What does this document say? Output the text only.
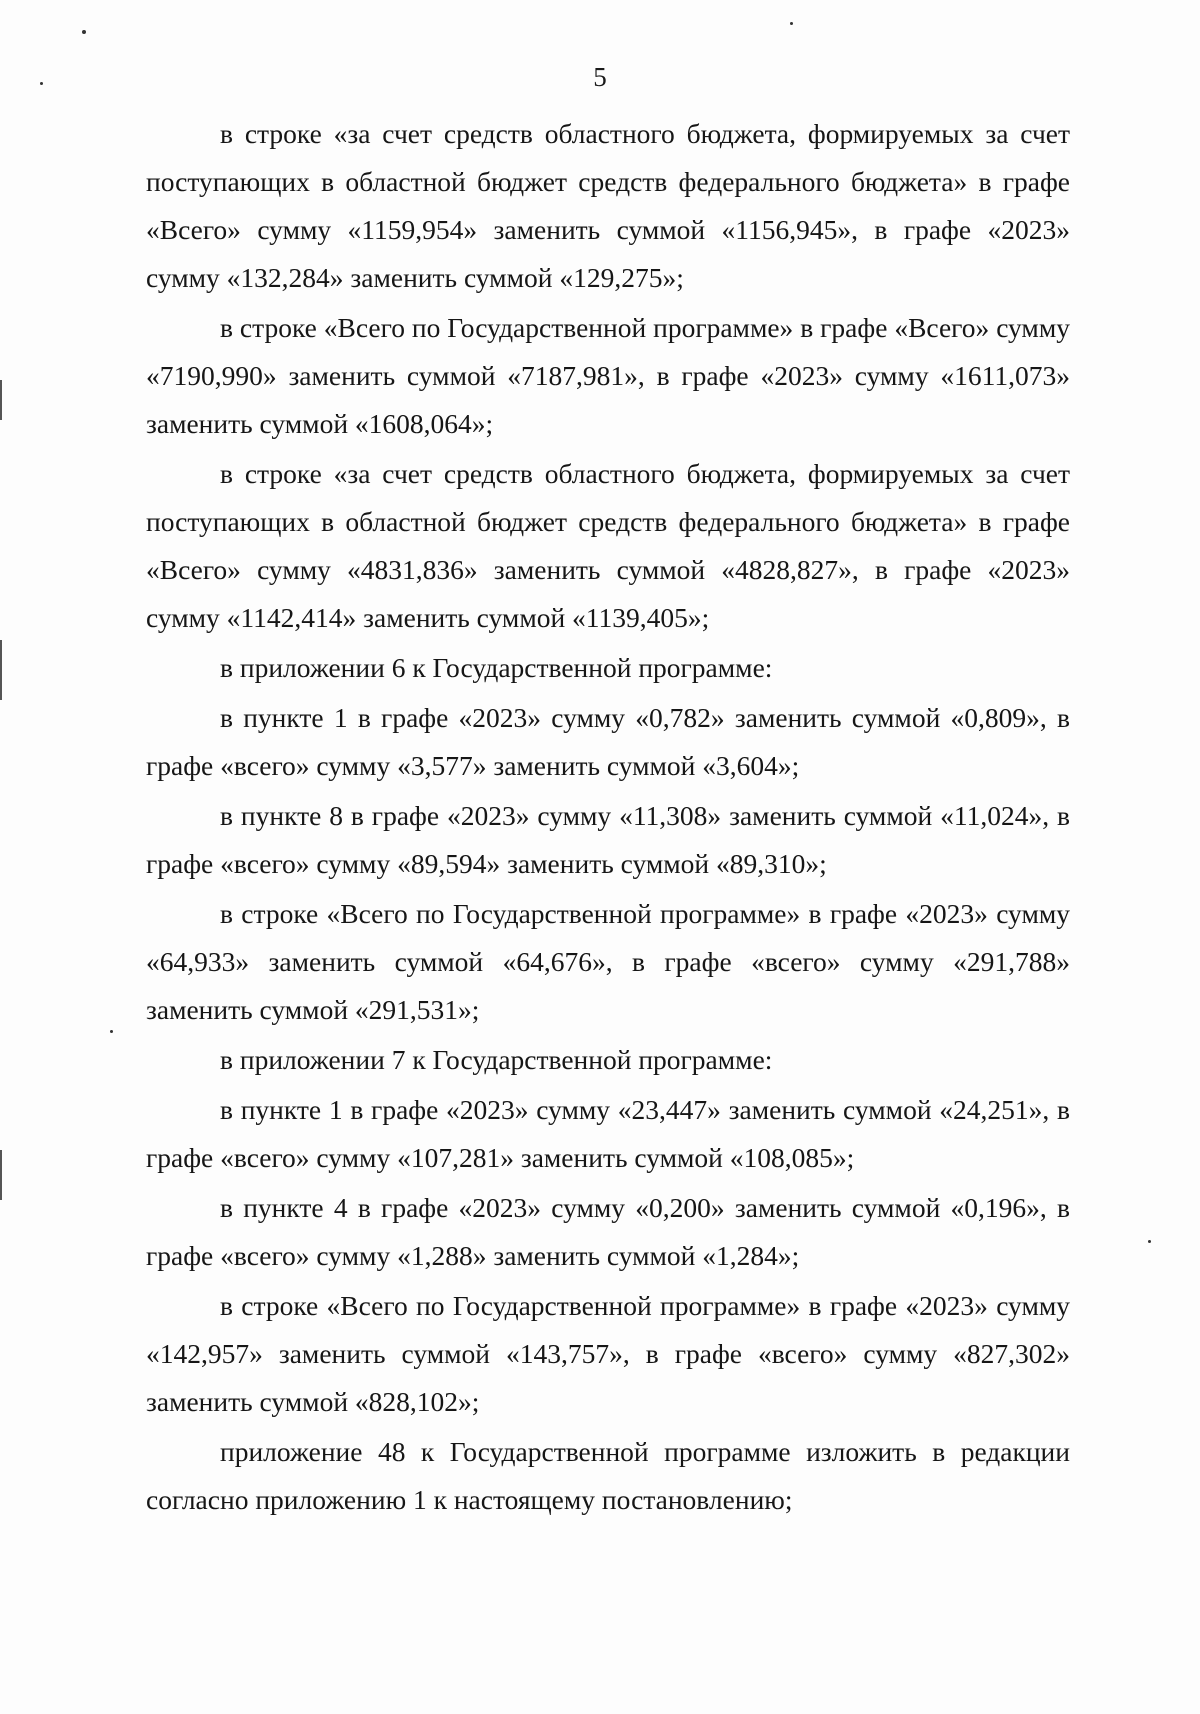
5

в строке «за счет средств областного бюджета, формируемых за счет поступающих в областной бюджет средств федерального бюджета» в графе «Всего» сумму «1159,954» заменить суммой «1156,945», в графе «2023» сумму «132,284» заменить суммой «129,275»;

в строке «Всего по Государственной программе» в графе «Всего» сумму «7190,990» заменить суммой «7187,981», в графе «2023» сумму «1611,073» заменить суммой «1608,064»;

в строке «за счет средств областного бюджета, формируемых за счет поступающих в областной бюджет средств федерального бюджета» в графе «Всего» сумму «4831,836» заменить суммой «4828,827», в графе «2023» сумму «1142,414» заменить суммой «1139,405»;

в приложении 6 к Государственной программе:

в пункте 1 в графе «2023» сумму «0,782» заменить суммой «0,809», в графе «всего» сумму «3,577» заменить суммой «3,604»;

в пункте 8 в графе «2023» сумму «11,308» заменить суммой «11,024», в графе «всего» сумму «89,594» заменить суммой «89,310»;

в строке «Всего по Государственной программе» в графе «2023» сумму «64,933» заменить суммой «64,676», в графе «всего» сумму «291,788» заменить суммой «291,531»;

в приложении 7 к Государственной программе:

в пункте 1 в графе «2023» сумму «23,447» заменить суммой «24,251», в графе «всего» сумму «107,281» заменить суммой «108,085»;

в пункте 4 в графе «2023» сумму «0,200» заменить суммой «0,196», в графе «всего» сумму «1,288» заменить суммой «1,284»;

в строке «Всего по Государственной программе» в графе «2023» сумму «142,957» заменить суммой «143,757», в графе «всего» сумму «827,302» заменить суммой «828,102»;

приложение 48 к Государственной программе изложить в редакции согласно приложению 1 к настоящему постановлению;
